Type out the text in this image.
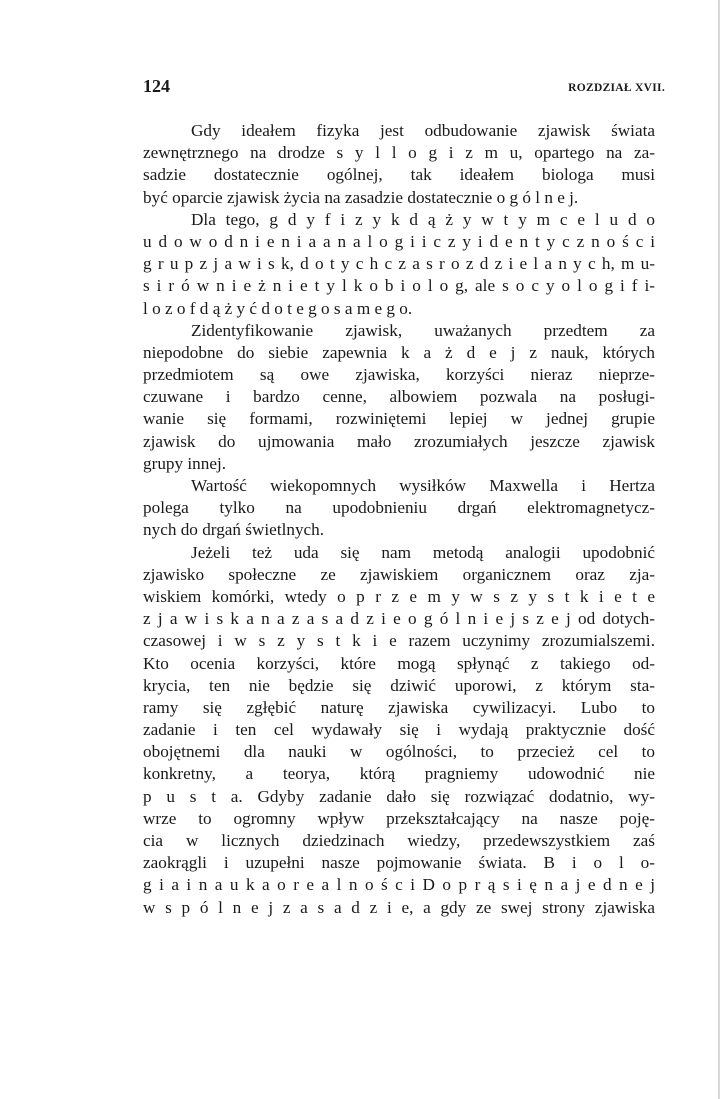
124	ROZDZIAŁ XVII.
Gdy ideałem fizyka jest odbudowanie zjawisk świata
zewnętrznego na drodze s y l l o g i z m u, opartego na za-
sadzie dostatecznie ogólnej, tak ideałem biologa musi
być oparcie zjawisk życia na zasadzie dostatecznie o g ó l n e j.
Dla tego, g d y f i z y k d ą ż y w t y m c e l u d o
u d o w o d n i e n i a a n a l o g i i c z y i d e n t y c z n o ś c i
g r u p z j a w i s k, d o t y c h c z a s r o z d z i e l a n y c h, m u-
s i r ó w n i e ż n i e t y l k o b i o l o g, ale s o c y o l o g i f i-
l o z o f d ą ż y ć d o t e g o s a m e g o.
Zidentyfikowanie zjawisk, uważanych przedtem za
niepodobne do siebie zapewnia k a ż d e j z nauk, których
przedmiotem są owe zjawiska, korzyści nieraz nieprze-
czuwane i bardzo cenne, albowiem pozwala na posługi-
wanie się formami, rozwiniętemi lepiej w jednej grupie
zjawisk do ujmowania mało zrozumiałych jeszcze zjawisk
grupy innej.
Wartość wiekopomnych wysiłków Maxwella i Hertza
polega tylko na upodobnieniu drgań elektromagnetycz-
nych do drgań świetlnych.
Jeżeli też uda się nam metodą analogii upodobnić
zjawisko społeczne ze zjawiskiem organicznem oraz zja-
wiskiem komórki, wtedy o p r z e m y w s z y s t k i e t e
z j a w i s k a n a z a s a d z i e o g ó l n i e j s z e j od dotych-
czasowej i w s z y s t k i e razem uczynimy zrozumialszemi.
Kto ocenia korzyści, które mogą spłynąć z takiego od-
krycia, ten nie będzie się dziwić uporowi, z którym sta-
ramy się zgłębić naturę zjawiska cywilizacyi. Lubo to
zadanie i ten cel wydawały się i wydają praktycznie dość
obojętnemi dla nauki w ogólności, to przecież cel to
konkretny, a teorya, którą pragniemy udowodnić nie
p u s t a. Gdyby zadanie dało się rozwiązać dodatnio, wy-
wrze to ogromny wpływ przekształcający na nasze poję-
cia w licznych dziedzinach wiedzy, przedewszystkiem zaś
zaokrągli i uzupełni nasze pojmowanie świata. B i o l o-
g i a i n a u k a o r e a l n o ś c i D o p r ą s i ę n a j e d n e j
w s p ó l n e j z a s a d z i e, a gdy ze swej strony zjawiska
